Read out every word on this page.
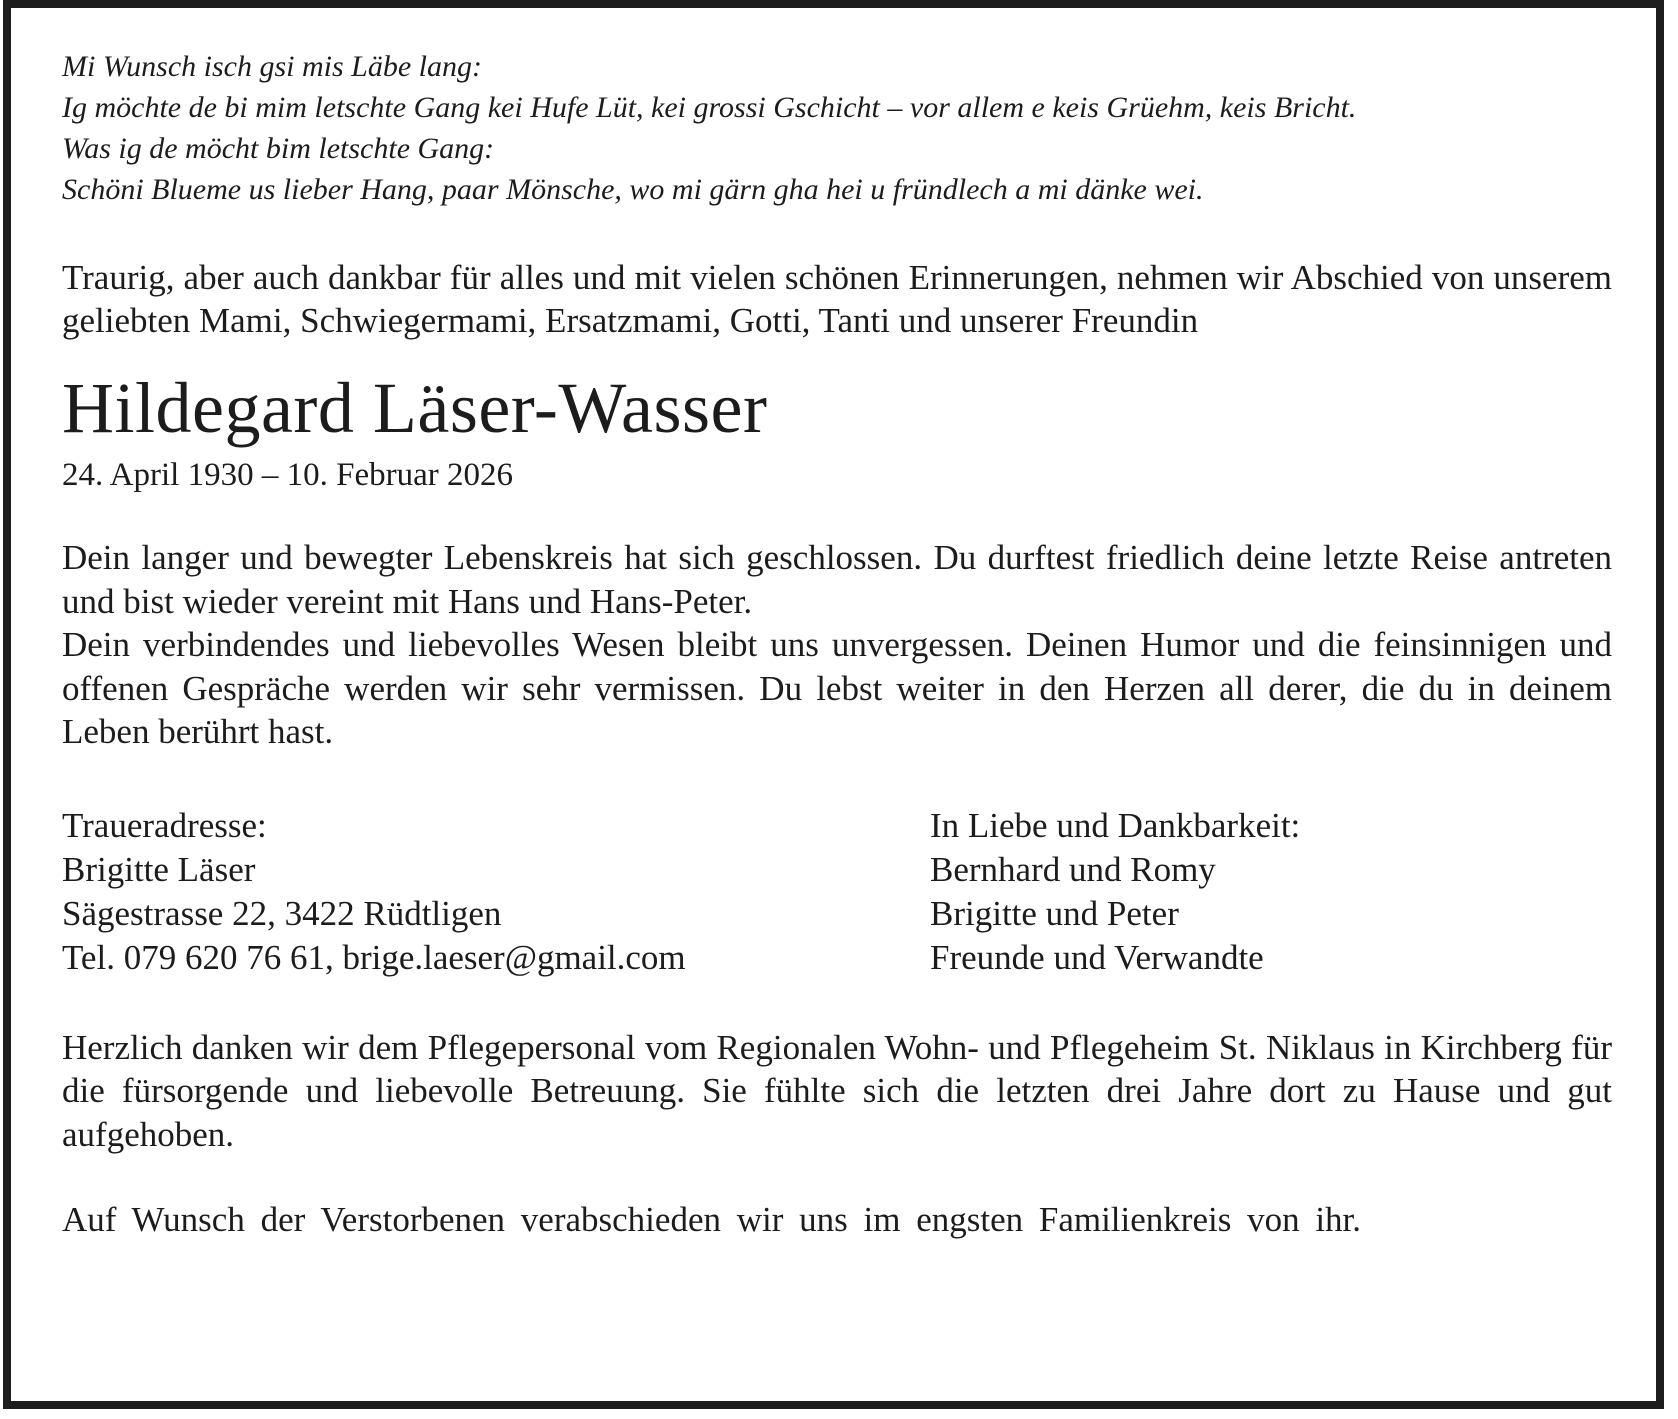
Mi Wunsch isch gsi mis Läbe lang:
Ig möchte de bi mim letschte Gang kei Hufe Lüt, kei grossi Gschicht – vor allem e keis Grüehm, keis Bricht.
Was ig de möcht bim letschte Gang:
Schöni Blueme us lieber Hang, paar Mönsche, wo mi gärn gha hei u fründlech a mi dänke wei.

Traurig, aber auch dankbar für alles und mit vielen schönen Erinnerungen, nehmen wir Abschied von unserem geliebten Mami, Schwiegermami, Ersatzmami, Gotti, Tanti und unserer Freundin

Hildegard Läser-Wasser

24. April 1930 – 10. Februar 2026

Dein langer und bewegter Lebenskreis hat sich geschlossen. Du durftest friedlich deine letzte Reise antreten und bist wieder vereint mit Hans und Hans-Peter.

Dein verbindendes und liebevolles Wesen bleibt uns unvergessen. Deinen Humor und die feinsinnigen und offenen Gespräche werden wir sehr vermissen. Du lebst weiter in den Herzen all derer, die du in deinem Leben berührt hast.

Traueradresse:
Brigitte Läser
Sägestrasse 22, 3422 Rüdtligen
Tel. 079 620 76 61, brige.laeser@gmail.com
In Liebe und Dankbarkeit:
Bernhard und Romy
Brigitte und Peter
Freunde und Verwandte

Herzlich danken wir dem Pflegepersonal vom Regionalen Wohn- und Pflegeheim St. Niklaus in Kirchberg für die fürsorgende und liebevolle Betreuung. Sie fühlte sich die letzten drei Jahre dort zu Hause und gut aufgehoben.

Auf Wunsch der Verstorbenen verabschieden wir uns im engsten Familienkreis von ihr.
